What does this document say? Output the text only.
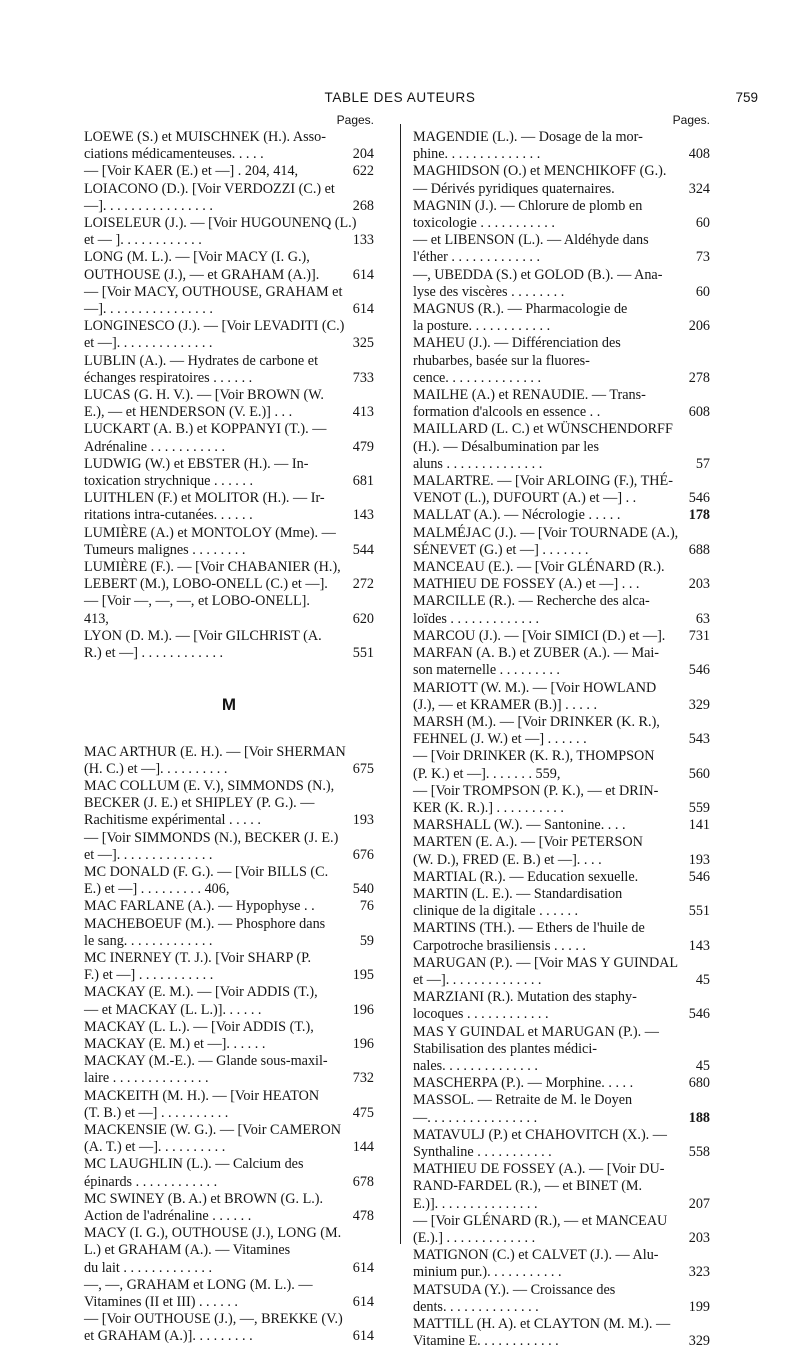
TABLE DES AUTEURS	759
Pages.
LOEWE (S.) et MUISCHNEK (H.). Asso-
ciations médicamenteuses. . . . .	204
— [Voir KAER (E.) et —] . 204, 414,	622
LOIACONO (D.). [Voir VERDOZZI (C.) et
—]. . . . . . . . . . . . . . . .	268
LOISELEUR (J.). — [Voir HUGOUNENQ (L.)
et — ]. . . . . . . . . . . .	133
LONG (M. L.). — [Voir MACY (I. G.),
OUTHOUSE (J.), — et GRAHAM (A.)].	614
— [Voir MACY, OUTHOUSE, GRAHAM et
—]. . . . . . . . . . . . . . . .	614
LONGINESCO (J.). — [Voir LEVADITI (C.)
et —]. . . . . . . . . . . . . .	325
LUBLIN (A.). — Hydrates de carbone et
échanges respiratoires . . . . . .	733
LUCAS (G. H. V.). — [Voir BROWN (W.
E.), — et HENDERSON (V. E.)] . . .	413
LUCKART (A. B.) et KOPPANYI (T.). —
Adrénaline . . . . . . . . . . .	479
LUDWIG (W.) et EBSTER (H.). — In-
toxication strychnique . . . . . .	681
LUITHLEN (F.) et MOLITOR (H.). — Ir-
ritations intra-cutanées. . . . . .	143
LUMIÈRE (A.) et MONTOLOY (Mme). —
Tumeurs malignes . . . . . . . .	544
LUMIÈRE (F.). — [Voir CHABANIER (H.),
LEBERT (M.), LOBO-ONELL (C.) et —].	272
— [Voir —, —, —, et LOBO-ONELL].
413,	620
LYON (D. M.). — [Voir GILCHRIST (A.
R.) et —] . . . . . . . . . . . .	551
M
MAC ARTHUR (E. H.). — [Voir SHERMAN
(H. C.) et —]. . . . . . . . . .	675
MAC COLLUM (E. V.), SIMMONDS (N.),
BECKER (J. E.) et SHIPLEY (P. G.). —
Rachitisme expérimental . . . . .	193
— [Voir SIMMONDS (N.), BECKER (J. E.)
et —]. . . . . . . . . . . . . .	676
MC DONALD (F. G.). — [Voir BILLS (C.
E.) et —] . . . . . . . . . 406,	540
MAC FARLANE (A.). — Hypophyse . .	76
MACHEBOEUF (M.). — Phosphore dans
le sang. . . . . . . . . . . . .	59
MC INERNEY (T. J.). [Voir SHARP (P.
F.) et —] . . . . . . . . . . .	195
MACKAY (E. M.). — [Voir ADDIS (T.),
— et MACKAY (L. L.)]. . . . . .	196
MACKAY (L. L.). — [Voir ADDIS (T.),
MACKAY (E. M.) et —]. . . . . .	196
MACKAY (M.-E.). — Glande sous-maxil-
laire . . . . . . . . . . . . . .	732
MACKEITH (M. H.). — [Voir HEATON
(T. B.) et —] . . . . . . . . . .	475
MACKENSIE (W. G.). — [Voir CAMERON
(A. T.) et —]. . . . . . . . . .	144
MC LAUGHLIN (L.). — Calcium des
épinards . . . . . . . . . . . .	678
MC SWINEY (B. A.) et BROWN (G. L.).
Action de l'adrénaline . . . . . .	478
MACY (I. G.), OUTHOUSE (J.), LONG (M.
L.) et GRAHAM (A.). — Vitamines
du lait . . . . . . . . . . . . .	614
—, —, GRAHAM et LONG (M. L.). —
Vitamines (II et III) . . . . . .	614
— [Voir OUTHOUSE (J.), —, BREKKE (V.)
et GRAHAM (A.)]. . . . . . . . .	614
Pages.
MAGENDIE (L.). — Dosage de la mor-
phine. . . . . . . . . . . . . .	408
MAGHIDSON (O.) et MENCHIKOFF (G.).
— Dérivés pyridiques quaternaires.	324
MAGNIN (J.). — Chlorure de plomb en
toxicologie . . . . . . . . . . .	60
— et LIBENSON (L.). — Aldéhyde dans
l'éther . . . . . . . . . . . . .	73
—, UBEDDA (S.) et GOLOD (B.). — Ana-
lyse des viscères . . . . . . . .	60
MAGNUS (R.). — Pharmacologie de
la posture. . . . . . . . . . . .	206
MAHEU (J.). — Différenciation des
rhubarbes, basée sur la fluores-
cence. . . . . . . . . . . . . .	278
MAILHE (A.) et RENAUDIE. — Trans-
formation d'alcools en essence . .	608
MAILLARD (L. C.) et WÜNSCHENDORFF
(H.). — Désalbumination par les
aluns . . . . . . . . . . . . . .	57
MALARTRE. — [Voir ARLOING (F.), THÉ-
VENOT (L.), DUFOURT (A.) et —] . .	546
MALLAT (A.). — Nécrologie . . . . .	178
MALMÉJAC (J.). — [Voir TOURNADE (A.),
SÉNEVET (G.) et —] . . . . . . .	688
MANCEAU (E.). — [Voir GLÉNARD (R.).
MATHIEU DE FOSSEY (A.) et —] . . .	203
MARCILLE (R.). — Recherche des alca-
loïdes . . . . . . . . . . . . .	63
MARCOU (J.). — [Voir SIMICI (D.) et —].	731
MARFAN (A. B.) et ZUBER (A.). — Mai-
son maternelle . . . . . . . . .	546
MARIOTT (W. M.). — [Voir HOWLAND
(J.), — et KRAMER (B.)] . . . . .	329
MARSH (M.). — [Voir DRINKER (K. R.),
FEHNEL (J. W.) et —] . . . . . .	543
— [Voir DRINKER (K. R.), THOMPSON
(P. K.) et —]. . . . . . . 559,	560
— [Voir TROMPSON (P. K.), — et DRIN-
KER (K. R.).] . . . . . . . . . .	559
MARSHALL (W.). — Santonine. . . .	141
MARTEN (E. A.). — [Voir PETERSON
(W. D.), FRED (E. B.) et —]. . . .	193
MARTIAL (R.). — Education sexuelle.	546
MARTIN (L. E.). — Standardisation
clinique de la digitale . . . . . .	551
MARTINS (TH.). — Ethers de l'huile de
Carpotroche brasiliensis . . . . .	143
MARUGAN (P.). — [Voir MAS Y GUINDAL
et —]. . . . . . . . . . . . . .	45
MARZIANI (R.). Mutation des staphy-
locoques . . . . . . . . . . . .	546
MAS Y GUINDAL et MARUGAN (P.). —
Stabilisation des plantes médici-
nales. . . . . . . . . . . . . .	45
MASCHERPA (P.). — Morphine. . . . .	680
MASSOL. — Retraite de M. le Doyen
—. . . . . . . . . . . . . . . .	188
MATAVULJ (P.) et CHAHOVITCH (X.). —
Synthaline . . . . . . . . . . .	558
MATHIEU DE FOSSEY (A.). — [Voir DU-
RAND-FARDEL (R.), — et BINET (M.
E.)]. . . . . . . . . . . . . . .	207
— [Voir GLÉNARD (R.), — et MANCEAU
(E.).] . . . . . . . . . . . . .	203
MATIGNON (C.) et CALVET (J.). — Alu-
minium pur.). . . . . . . . . . .	323
MATSUDA (Y.). — Croissance des
dents. . . . . . . . . . . . . .	199
MATTILL (H. A). et CLAYTON (M. M.). —
Vitamine E. . . . . . . . . . . .	329
